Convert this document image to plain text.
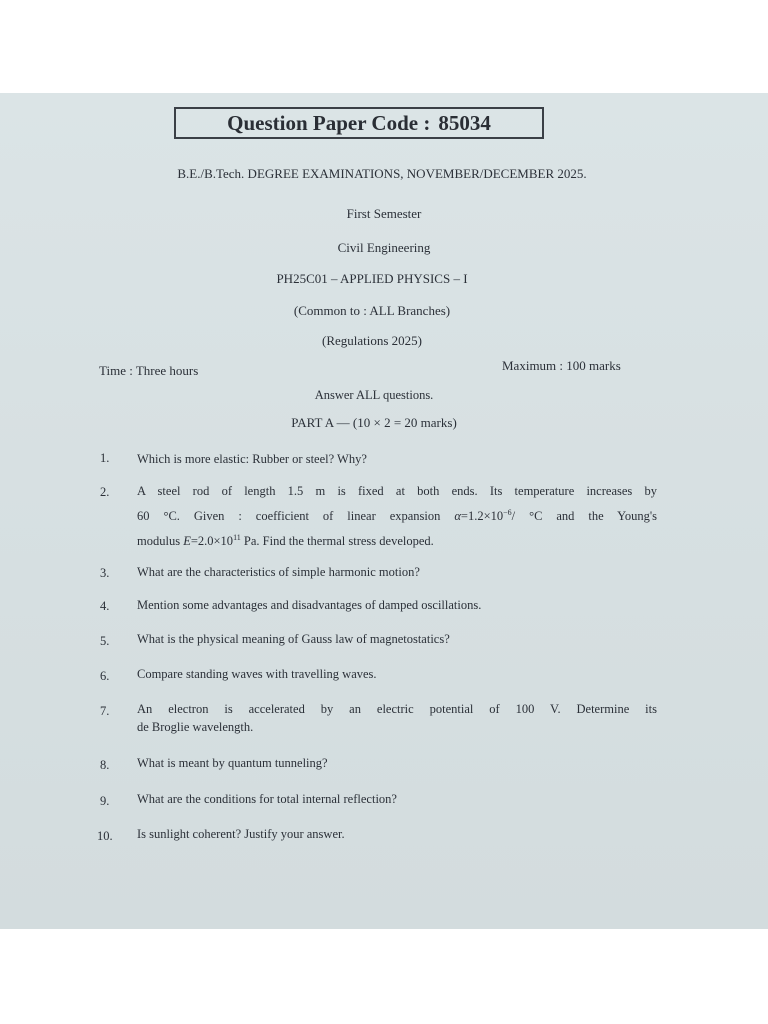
Question Paper Code : 85034
B.E./B.Tech. DEGREE EXAMINATIONS, NOVEMBER/DECEMBER 2025.
First Semester
Civil Engineering
PH25C01 – APPLIED PHYSICS – I
(Common to : ALL Branches)
(Regulations 2025)
Time : Three hours	Maximum : 100 marks
Answer ALL questions.
PART A — (10 × 2 = 20 marks)
1. Which is more elastic: Rubber or steel? Why?
2. A steel rod of length 1.5 m is fixed at both ends. Its temperature increases by
60 °C. Given : coefficient of linear expansion $\alpha=1.2\times 10^{-6}/$ °C and the Young's
modulus $E=2.0\times 10^{11}$ Pa. Find the thermal stress developed.
3. What are the characteristics of simple harmonic motion?
4. Mention some advantages and disadvantages of damped oscillations.
5. What is the physical meaning of Gauss law of magnetostatics?
6. Compare standing waves with travelling waves.
7. An electron is accelerated by an electric potential of 100 V. Determine its
de Broglie wavelength.
8. What is meant by quantum tunneling?
9. What are the conditions for total internal reflection?
10. Is sunlight coherent? Justify your answer.
